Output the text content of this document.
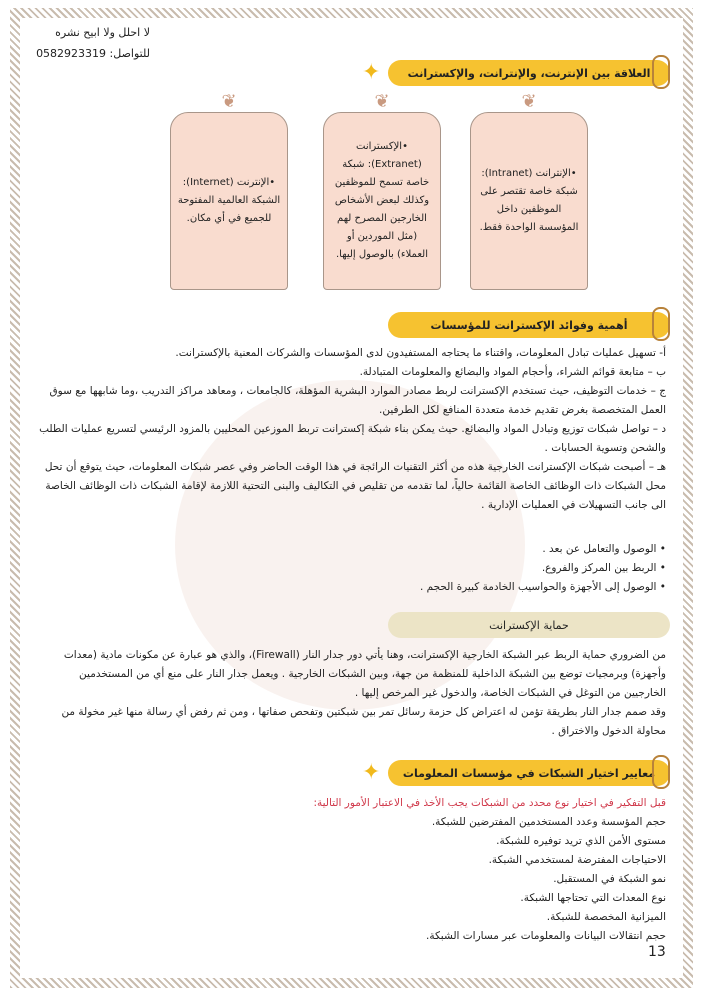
لا احلل ولا ابيح نشره
للتواصل: 0582923319
✦ العلاقة بين الإنترنت، والإنترانت، والإكسترانت
•الإنترانت (Intranet): شبكة خاصة تقتصر على الموظفين داخل المؤسسة الواحدة فقط.
❦
•الإكسترانت (Extranet): شبكة خاصة تسمح للموظفين وكذلك لبعض الأشخاص الخارجين المصرح لهم (مثل الموردين أو العملاء) بالوصول إليها.
❦
•الإنترنت (Internet): الشبكة العالمية المفتوحة للجميع في أي مكان.
❦
أهمية وفوائد الإكسترانت للمؤسسات
أ- تسهيل عمليات تبادل المعلومات، واقتناء ما يحتاجه المستفيدون لدى المؤسسات والشركات المعنية بالإكسترانت.
ب – متابعة قوائم الشراء، وأحجام المواد والبضائع والمعلومات المتبادلة.
ج – خدمات التوظيف، حيث تستخدم الإكسترانت لربط مصادر الموارد البشرية المؤهلة، كالجامعات ، ومعاهد مراكز التدريب ،وما شابهها مع سوق العمل المتخصصة بغرض تقديم خدمة متعددة المنافع لكل الطرفين.
د – تواصل شبكات توزيع وتبادل المواد والبضائع. حيث يمكن بناء شبكة إكسترانت تربط الموزعين المحليين بالمزود الرئيسي لتسريع عمليات الطلب والشحن وتسوية الحسابات .
هـ – أصبحت شبكات الإكسترانت الخارجية هذه من أكثر التقنيات الرائجة في هذا الوقت الحاضر وفي عصر شبكات المعلومات، حيث يتوقع أن تحل محل الشبكات ذات الوظائف الخاصة القائمة حالياً، لما تقدمه من تقليص في التكاليف والبنى التحتية اللازمة لإقامة الشبكات ذات الوظائف الخاصة الى جانب التسهيلات في العمليات الإدارية .
• الوصول والتعامل عن بعد .
• الربط بين المركز والفروع.
• الوصول إلى الأجهزة والحواسيب الخادمة كبيرة الحجم .
حماية الإكسترانت
من الضروري حماية الربط عبر الشبكة الخارجية الإكسترانت، وهنا يأتي دور جدار النار (Firewall)، والذي هو عبارة عن مكونات مادية (معدات وأجهزة) وبرمجيات توضع بين الشبكة الداخلية للمنظمة من جهة، وبين الشبكات الخارجية . ويعمل جدار النار على منع أي من المستخدمين الخارجيين من التوغل في الشبكات الخاصة، والدخول غير المرخص إليها .
وقد صمم جدار النار بطريقة تؤمن له اعتراض كل حزمة رسائل تمر بين شبكتين وتفحص صفاتها ، ومن ثم رفض أي رسالة منها غير مخولة من محاولة الدخول والاختراق .
✦ معايير اختيار الشبكات في مؤسسات المعلومات
قبل التفكير في اختيار نوع محدد من الشبكات يجب الأخذ في الاعتبار الأمور التالية:
حجم المؤسسة وعدد المستخدمين المفترضين للشبكة.
مستوى الأمن الذي تريد توفيره للشبكة.
الاحتياجات المفترضة لمستخدمي الشبكة.
نمو الشبكة في المستقبل.
نوع المعدات التي تحتاجها الشبكة.
الميزانية المخصصة للشبكة.
حجم انتقالات البيانات والمعلومات عبر مسارات الشبكة.
13
